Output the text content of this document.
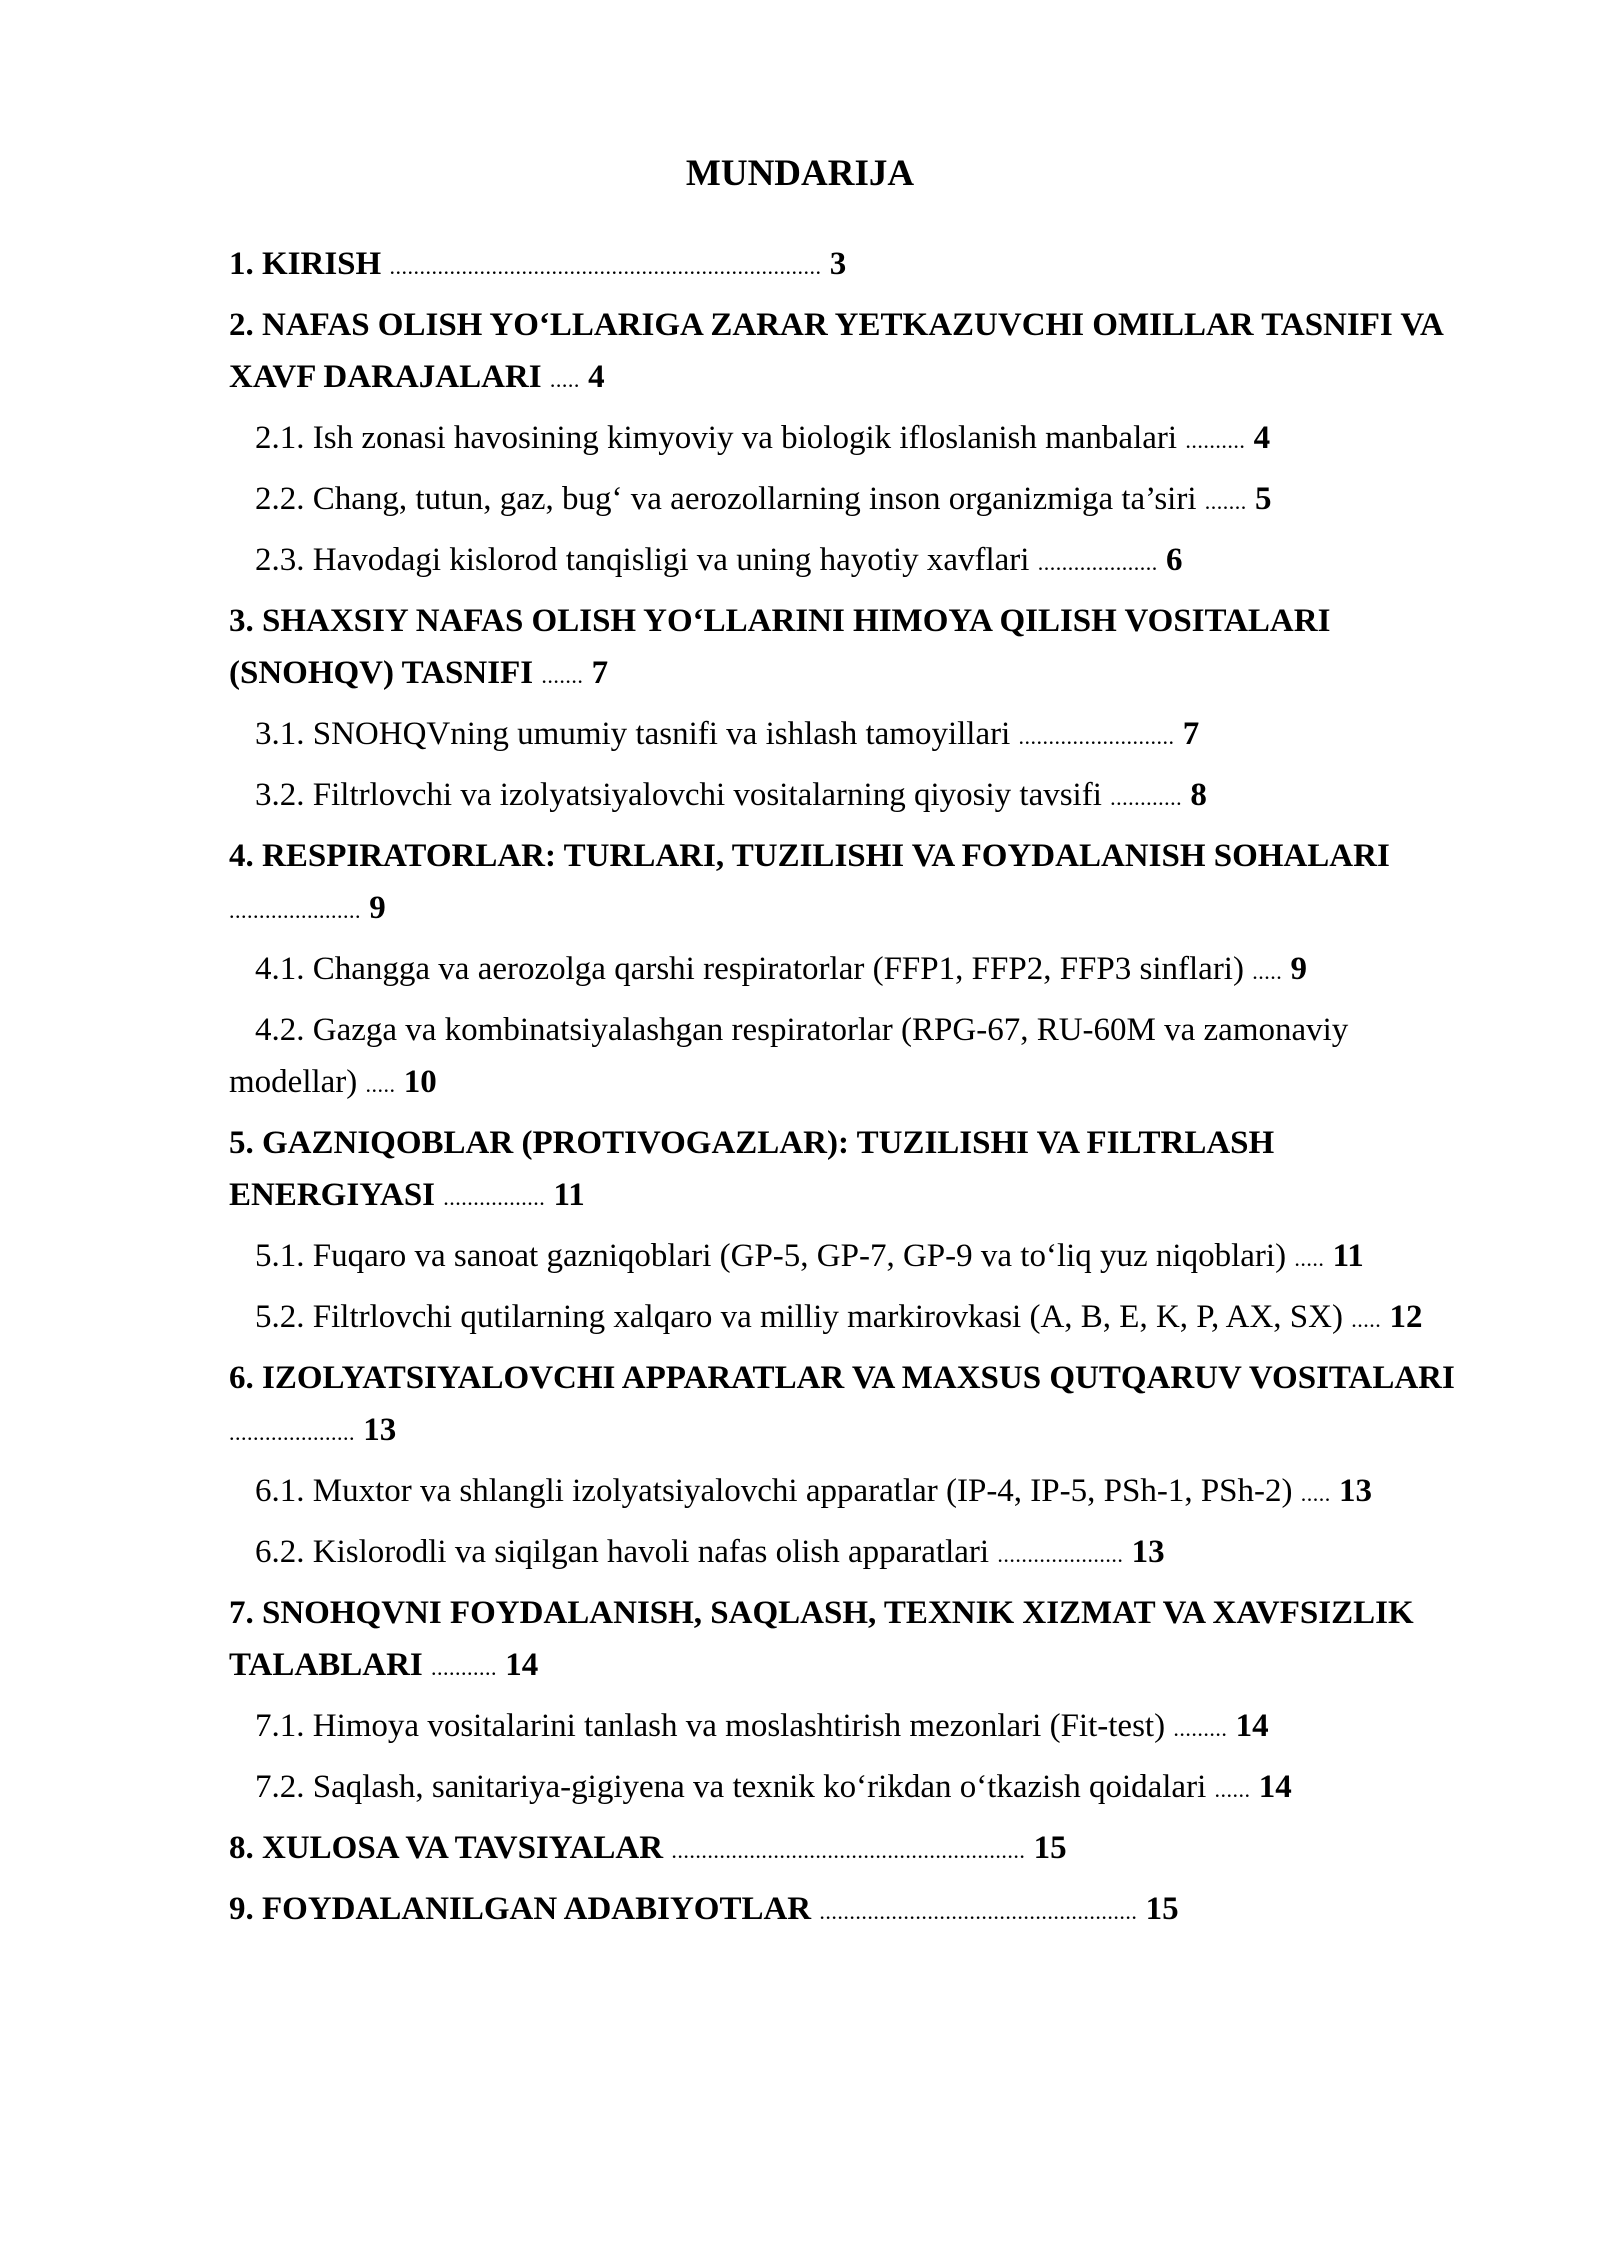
MUNDARIJA
1. KIRISH ........................................................................ 3
2. NAFAS OLISH YO‘LLARIGA ZARAR YETKAZUVCHI OMILLAR TASNIFI VA XAVF DARAJALARI ..... 4
2.1. Ish zonasi havosining kimyoviy va biologik ifloslanish manbalari .......... 4
2.2. Chang, tutun, gaz, bug‘ va aerozollarning inson organizmiga ta’siri ....... 5
2.3. Havodagi kislorod tanqisligi va uning hayotiy xavflari .................... 6
3. SHAXSIY NAFAS OLISH YO‘LLARINI HIMOYA QILISH VOSITALARI (SNOHQV) TASNIFI ....... 7
3.1. SNOHQVning umumiy tasnifi va ishlash tamoyillari .......................... 7
3.2. Filtrlovchi va izolyatsiyalovchi vositalarning qiyosiy tavsifi ............ 8
4. RESPIRATORLAR: TURLARI, TUZILISHI VA FOYDALANISH SOHALARI ...................... 9
4.1. Changga va aerozolga qarshi respiratorlar (FFP1, FFP2, FFP3 sinflari) ..... 9
4.2. Gazga va kombinatsiyalashgan respiratorlar (RPG-67, RU-60M va zamonaviy modellar) ..... 10
5. GAZNIQOBLAR (PROTIVOGAZLAR): TUZILISHI VA FILTRLASH ENERGIYASI ................. 11
5.1. Fuqaro va sanoat gazniqoblari (GP-5, GP-7, GP-9 va to‘liq yuz niqoblari) ..... 11
5.2. Filtrlovchi qutilarning xalqaro va milliy markirovkasi (A, B, E, K, P, AX, SX) ..... 12
6. IZOLYATSIYALOVCHI APPARATLAR VA MAXSUS QUTQARUV VOSITALARI ..................... 13
6.1. Muxtor va shlangli izolyatsiyalovchi apparatlar (IP-4, IP-5, PSh-1, PSh-2) ..... 13
6.2. Kislorodli va siqilgan havoli nafas olish apparatlari ..................... 13
7. SNOHQVNI FOYDALANISH, SAQLASH, TEXNIK XIZMAT VA XAVFSIZLIK TALABLARI ........... 14
7.1. Himoya vositalarini tanlash va moslashtirish mezonlari (Fit-test) ......... 14
7.2. Saqlash, sanitariya-gigiyena va texnik ko‘rikdan o‘tkazish qoidalari ...... 14
8. XULOSA VA TAVSIYALAR ........................................................... 15
9. FOYDALANILGAN ADABIYOTLAR ..................................................... 15
